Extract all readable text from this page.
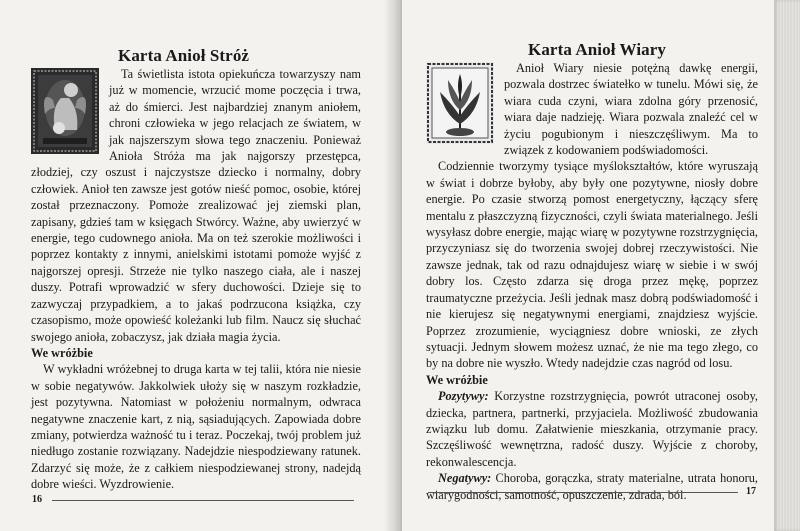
Karta Anioł Stróż

Ta świetlista istota opiekuńcza towarzyszy nam już w momencie, wrzucić mome poczęcia i trwa, aż do śmierci. Jest najbardziej znanym aniołem, chroni człowieka w jego relacjach ze światem, w jak najszerszym słowa tego znaczeniu. Ponieważ Anioła Stróża ma jak najgorszy przestępca, złodziej, czy oszust i najczystsze dziecko i normalny, dobry człowiek. Anioł ten zawsze jest gotów nieść pomoc, osobie, której został przeznaczony. Pomoże zrealizować jej ziemski plan, zapisany, gdzieś tam w księgach Stwórcy. Ważne, aby uwierzyć w energie, tego cudownego anioła. Ma on też szerokie możliwości i poprzez kontakty z innymi, anielskimi istotami pomoże wyjść z najgorszej opresji. Strzeże nie tylko naszego ciała, ale i naszej duszy. Potrafi wprowadzić w sfery duchowości. Dzieje się to zazwyczaj przypadkiem, a to jakaś podrzucona książka, czy czasopismo, może opowieść koleżanki lub film. Naucz się słuchać swojego anioła, zobaczysz, jak działa magia życia.

We wróżbie

W wykładni wróżebnej to druga karta w tej talii, która nie niesie w sobie negatywów. Jakkolwiek ułoży się w naszym rozkładzie, jest pozytywna. Natomiast w położeniu normalnym, odwraca negatywne znaczenie kart, z nią, sąsiadujących. Zapowiada dobre zmiany, potwierdza ważność tu i teraz. Poczekaj, twój problem już niedługo zostanie rozwiązany. Nadejdzie niespodziewany ratunek. Zdarzyć się może, że z całkiem niespodziewanej strony, nadejdą dobre wieści. Wyzdrowienie.

16
Karta Anioł Wiary

Anioł Wiary niesie potężną dawkę energii, pozwala dostrzec światełko w tunelu. Mówi się, że wiara cuda czyni, wiara zdolna góry przenosić, wiara daje nadzieję. Wiara pozwala znaleźć cel w życiu pogubionym i nieszczęśliwym. Ma to związek z kodowaniem podświadomości.

Codziennie tworzymy tysiące myślokształtów, które wyruszają w świat i dobrze byłoby, aby były one pozytywne, niosły dobre energie. Po czasie stworzą pomost energetyczny, łączący sferę mentalu z płaszczyzną fizyczności, czyli świata materialnego. Jeśli wysyłasz dobre energie, mając wiarę w pozytywne rozstrzygnięcia, przyczyniasz się do tworzenia swojej dobrej rzeczywistości. Nie zawsze jednak, tak od razu odnajdujesz wiarę w siebie i w swój dobry los. Często zdarza się droga przez mękę, poprzez traumatyczne przeżycia. Jeśli jednak masz dobrą podświadomość i nie kierujesz się negatywnymi energiami, znajdziesz wyjście. Poprzez zrozumienie, wyciągniesz dobre wnioski, ze złych sytuacji. Jednym słowem możesz uznać, że nie ma tego złego, co by na dobre nie wyszło. Wtedy nadejdzie czas nagród od losu.

We wróżbie

Pozytywy: Korzystne rozstrzygnięcia, powrót utraconej osoby, dziecka, partnera, partnerki, przyjaciela. Możliwość zbudowania związku lub domu. Załatwienie mieszkania, otrzymanie pracy. Szczęśliwość wewnętrzna, radość duszy. Wyjście z choroby, rekonwalescencja.

Negatywy: Choroba, gorączka, straty materialne, utrata honoru, wiarygodności, samotność, opuszczenie, zdrada, ból.	17
